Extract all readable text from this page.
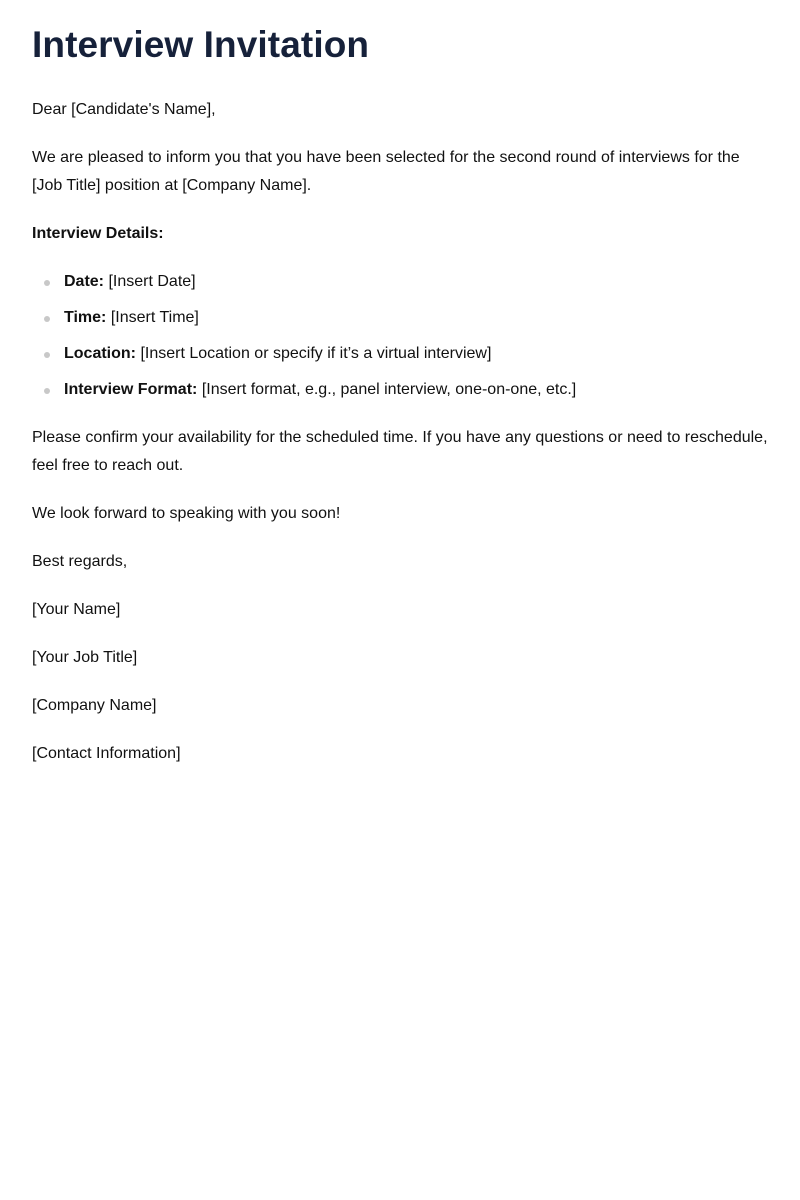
Interview Invitation

Dear [Candidate's Name],

We are pleased to inform you that you have been selected for the second round of interviews for the [Job Title] position at [Company Name].

Interview Details:

Date: [Insert Date]
Time: [Insert Time]
Location: [Insert Location or specify if it’s a virtual interview]
Interview Format: [Insert format, e.g., panel interview, one-on-one, etc.]

Please confirm your availability for the scheduled time. If you have any questions or need to reschedule, feel free to reach out.

We look forward to speaking with you soon!

Best regards,

[Your Name]

[Your Job Title]

[Company Name]

[Contact Information]
